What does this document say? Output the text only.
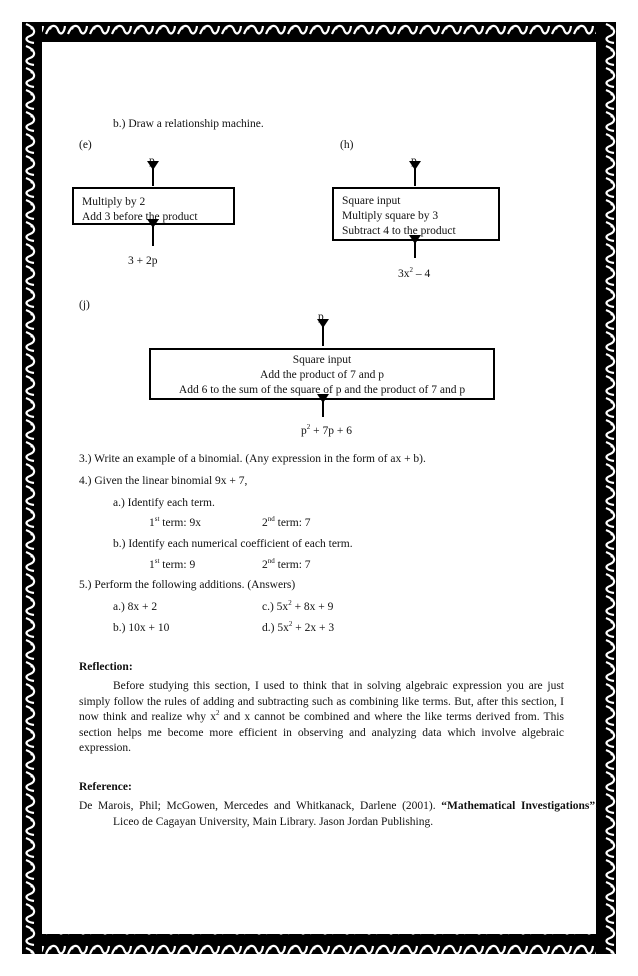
b.) Draw a relationship machine.
(e)
p
Multiply by 2
Add 3 before the product
3 + 2p
(h)
p
Square input
Multiply square by 3
Subtract 4 to the product
$3x^2 - 4$
(j)
p
Square input
Add the product of 7 and p
Add 6 to the sum of the square of p and the product of 7 and p
$p^2 + 7p + 6$
3.) Write an example of a binomial. (Any expression in the form of ax + b).
4.) Given the linear binomial 9x + 7,
a.) Identify each term.
1st term: 9x	2nd term: 7
b.) Identify each numerical coefficient of each term.
1st term: 9	2nd term: 7
5.) Perform the following additions. (Answers)
a.) 8x + 2	c.) $5x^2 + 8x + 9$
b.) 10x + 10	d.) $5x^2 + 2x + 3$
Reflection:
Before studying this section, I used to think that in solving algebraic expression you are just simply follow the rules of adding and subtracting such as combining like terms. But, after this section, I now think and realize why $x^2$ and x cannot be combined and where the like terms derived from. This section helps me become more efficient in observing and analyzing data which involve algebraic expression.
Reference:
De Marois, Phil; McGowen, Mercedes and Whitkanack, Darlene (2001). “Mathematical Investigations”. Liceo de Cagayan University, Main Library. Jason Jordan Publishing.
